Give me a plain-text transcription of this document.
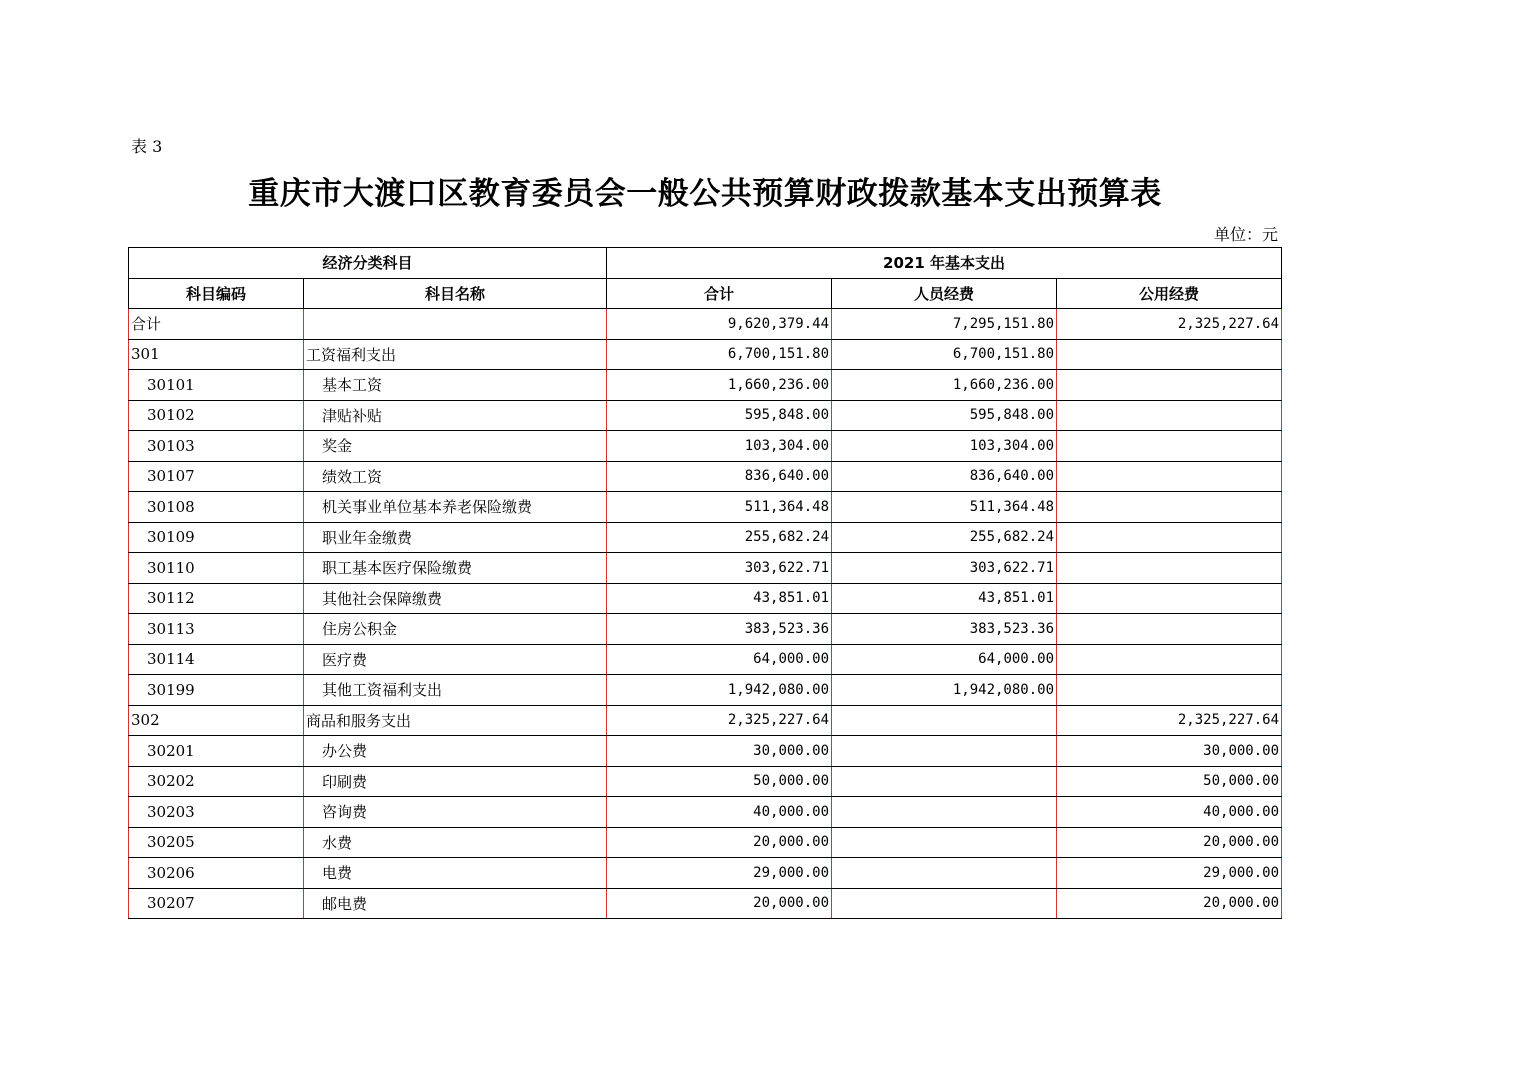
表 3
重庆市大渡口区教育委员会一般公共预算财政拨款基本支出预算表
单位：元
经济分类科目		2021 年基本支出		
科目编码	科目名称	合计	人员经费	公用经费
合计		9,620,379.44	7,295,151.80	2,325,227.64
301	工资福利支出	6,700,151.80	6,700,151.80	
30101	基本工资	1,660,236.00	1,660,236.00	
30102	津贴补贴	595,848.00	595,848.00	
30103	奖金	103,304.00	103,304.00	
30107	绩效工资	836,640.00	836,640.00	
30108	机关事业单位基本养老保险缴费	511,364.48	511,364.48	
30109	职业年金缴费	255,682.24	255,682.24	
30110	职工基本医疗保险缴费	303,622.71	303,622.71	
30112	其他社会保障缴费	43,851.01	43,851.01	
30113	住房公积金	383,523.36	383,523.36	
30114	医疗费	64,000.00	64,000.00	
30199	其他工资福利支出	1,942,080.00	1,942,080.00	
302	商品和服务支出	2,325,227.64		2,325,227.64
30201	办公费	30,000.00		30,000.00
30202	印刷费	50,000.00		50,000.00
30203	咨询费	40,000.00		40,000.00
30205	水费	20,000.00		20,000.00
30206	电费	29,000.00		29,000.00
30207	邮电费	20,000.00		20,000.00
